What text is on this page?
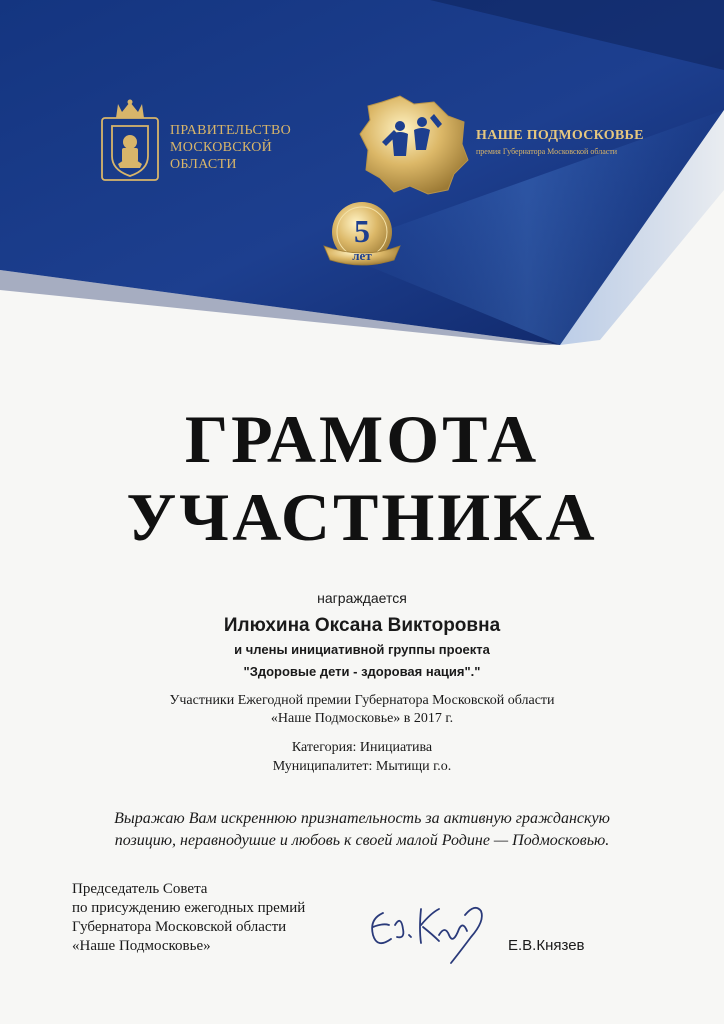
ПРАВИТЕЛЬСТВО
МОСКОВСКОЙ
ОБЛАСТИ
НАШЕ ПОДМОСКОВЬЕ
премия Губернатора Московской области
5
лет
ГРАМОТА
УЧАСТНИКА
награждается
Илюхина Оксана Викторовна
и члены инициативной группы проекта
"Здоровые дети - здоровая нация"."
Участники Ежегодной премии Губернатора Московской области
«Наше Подмосковье» в 2017 г.
Категория: Инициатива
Муниципалитет: Мытищи г.о.
Выражаю Вам искреннюю признательность за активную гражданскую
позицию, неравнодушие и любовь к своей малой Родине — Подмосковью.
Председатель Совета
по присуждению ежегодных премий
Губернатора Московской области
«Наше Подмосковье»	Е.В.Князев
